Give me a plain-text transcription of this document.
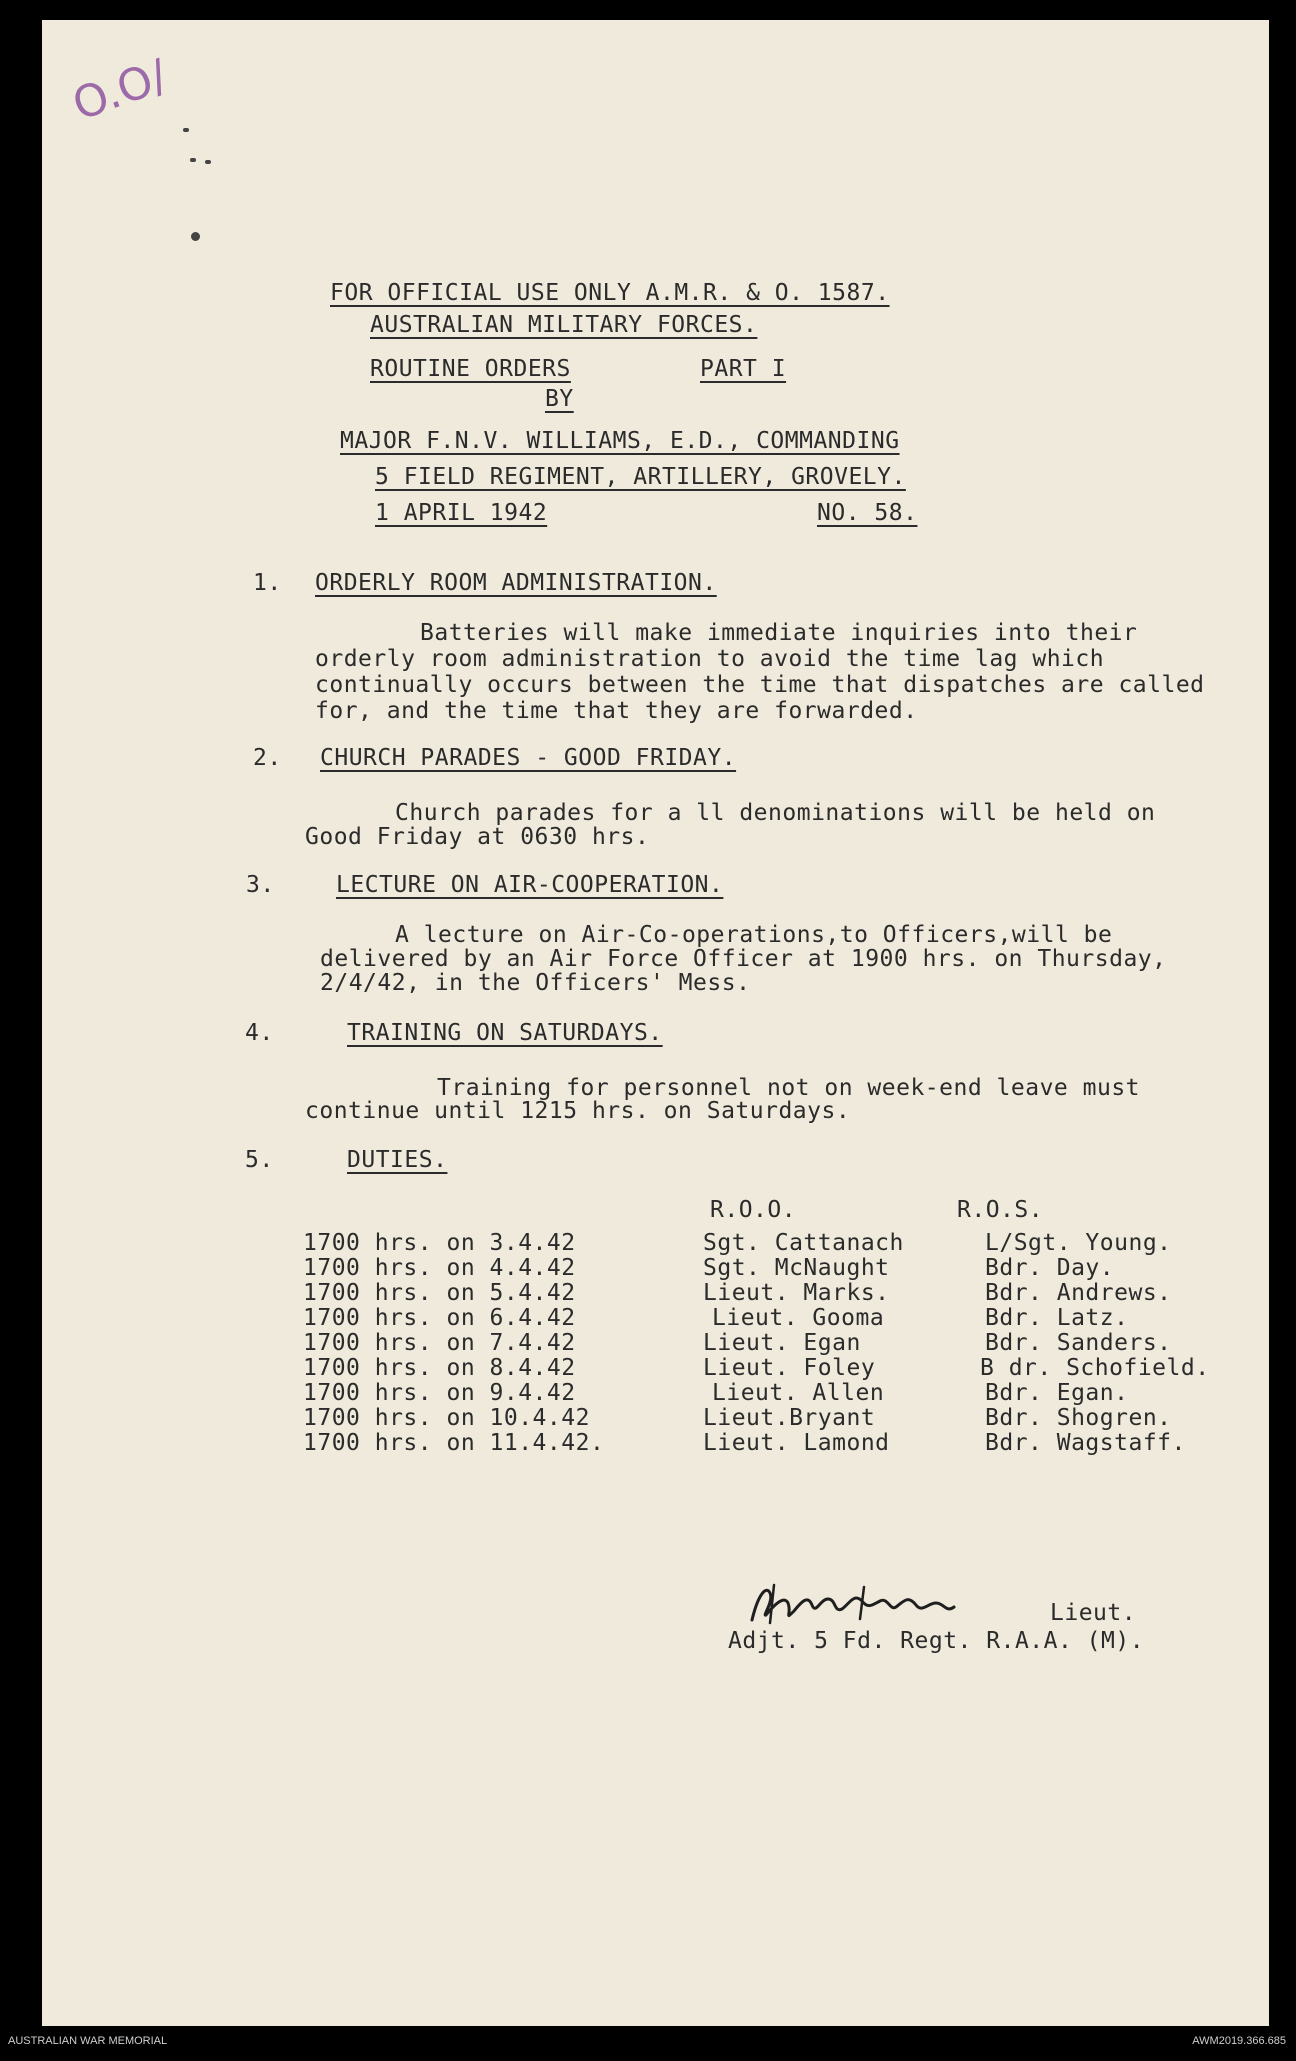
O.O/
FOR OFFICIAL USE ONLY A.M.R. & O. 1587.
AUSTRALIAN MILITARY FORCES.
ROUTINE ORDERS	PART I
BY
MAJOR F.N.V. WILLIAMS, E.D., COMMANDING
5 FIELD REGIMENT, ARTILLERY, GROVELY.
1 APRIL 1942	NO. 58.
1. ORDERLY ROOM ADMINISTRATION.
Batteries will make immediate inquiries into their
orderly room administration to avoid the time lag which
continually occurs between the time that dispatches are called
for, and the time that they are forwarded.
2. CHURCH PARADES - GOOD FRIDAY.
Church parades for a ll denominations will be held on
Good Friday at 0630 hrs.
3.	LECTURE ON AIR-COOPERATION.
A lecture on Air-Co-operations,to Officers,will be
delivered by an Air Force Officer at 1900 hrs. on Thursday,
2/4/42, in the Officers' Mess.
4.	TRAINING ON SATURDAYS.
Training for personnel not on week-end leave must
continue until 1215 hrs. on Saturdays.
5.	DUTIES.
R.O.O.	R.O.S.
1700 hrs. on 3.4.42	Sgt. Cattanach	L/Sgt. Young.
1700 hrs. on 4.4.42	Sgt. McNaught	Bdr. Day.
1700 hrs. on 5.4.42	Lieut. Marks.	Bdr. Andrews.
1700 hrs. on 6.4.42	Lieut. Gooma	Bdr. Latz.
1700 hrs. on 7.4.42	Lieut. Egan	Bdr. Sanders.
1700 hrs. on 8.4.42	Lieut. Foley	B dr. Schofield.
1700 hrs. on 9.4.42	Lieut. Allen	Bdr. Egan.
1700 hrs. on 10.4.42	Lieut.Bryant	Bdr. Shogren.
1700 hrs. on 11.4.42.	Lieut. Lamond	Bdr. Wagstaff.
Lieut.
Adjt. 5 Fd. Regt. R.A.A. (M).
AUSTRALIAN WAR MEMORIAL	AWM2019.366.685
